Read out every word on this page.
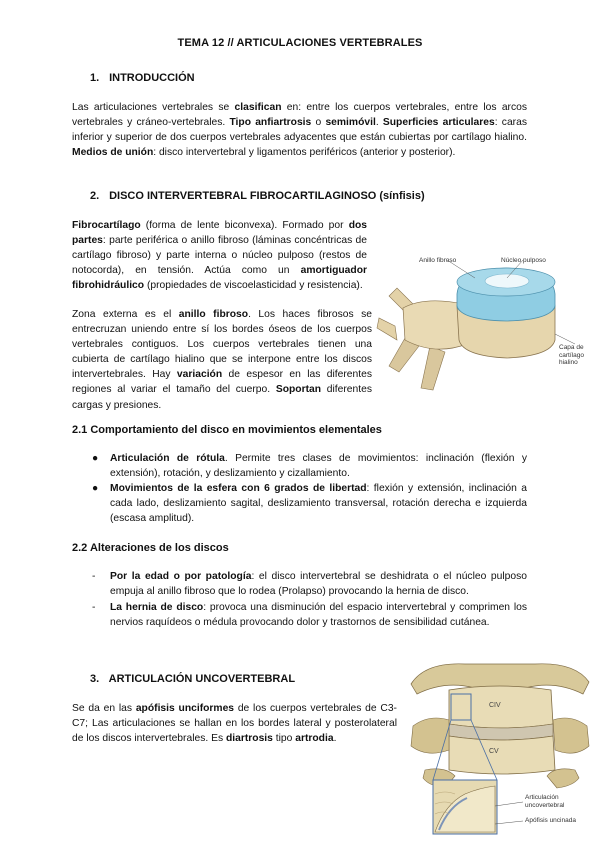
TEMA 12 // ARTICULACIONES VERTEBRALES
1. INTRODUCCIÓN
Las articulaciones vertebrales se clasifican en: entre los cuerpos vertebrales, entre los arcos vertebrales y cráneo-vertebrales. Tipo anfiartrosis o semimóvil. Superficies articulares: caras inferior y superior de dos cuerpos vertebrales adyacentes que están cubiertas por cartílago hialino. Medios de unión: disco intervertebral y ligamentos periféricos (anterior y posterior).
2. DISCO INTERVERTEBRAL FIBROCARTILAGINOSO (sínfisis)
Fibrocartílago (forma de lente biconvexa). Formado por dos partes: parte periférica o anillo fibroso (láminas concéntricas de cartílago fibroso) y parte interna o núcleo pulposo (restos de notocorda), en tensión. Actúa como un amortiguador fibrohidráulico (propiedades de viscoelasticidad y resistencia).
Zona externa es el anillo fibroso. Los haces fibrosos se entrecruzan uniendo entre sí los bordes óseos de los cuerpos vertebrales contiguos. Los cuerpos vertebrales tienen una cubierta de cartílago hialino que se interpone entre los discos intervertebrales. Hay variación de espesor en las diferentes regiones al variar el tamaño del cuerpo. Soportan diferentes cargas y presiones.
Anillo fibroso	Núcleo pulposo
Capa de
cartílago
hialino
2.1 Comportamiento del disco en movimientos elementales
● Articulación de rótula. Permite tres clases de movimientos: inclinación (flexión y extensión), rotación, y deslizamiento y cizallamiento.
● Movimientos de la esfera con 6 grados de libertad: flexión y extensión, inclinación a cada lado, deslizamiento sagital, deslizamiento transversal, rotación derecha e izquierda (escasa amplitud).
2.2 Alteraciones de los discos
- Por la edad o por patología: el disco intervertebral se deshidrata o el núcleo pulposo empuja al anillo fibroso que lo rodea (Prolapso) provocando la hernia de disco.
- La hernia de disco: provoca una disminución del espacio intervertebral y comprimen los nervios raquídeos o médula provocando dolor y trastornos de sensibilidad cutánea.
3. ARTICULACIÓN UNCOVERTEBRAL
Se da en las apófisis unciformes de los cuerpos vertebrales de C3-C7; Las articulaciones se hallan en los bordes lateral y posterolateral de los discos intervertebrales. Es diartrosis tipo artrodia.
CIV
CV
Articulación
uncovertebral
Apófisis uncinada
